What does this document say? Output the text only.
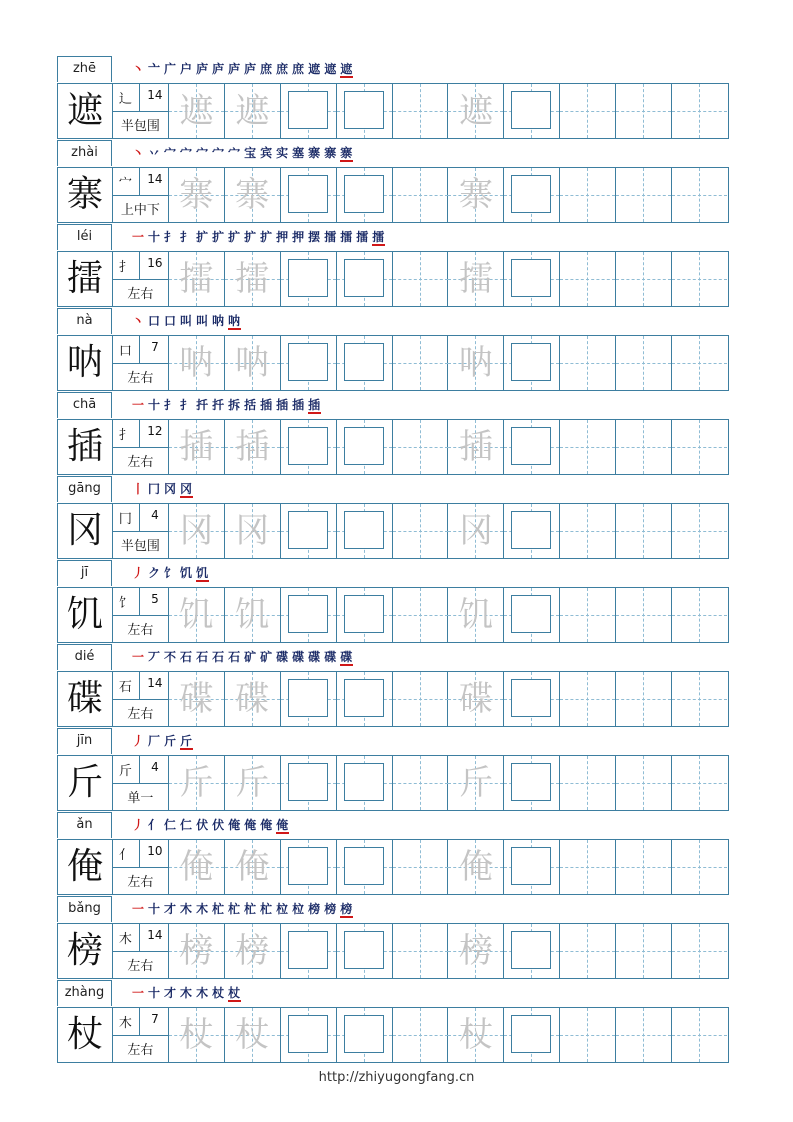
zhē	丶 亠 广 户 庐 庐 庐 庐 庶 庶 庶 遮 遮 遮
遮	辶	14
半包围 遮 遮	遮
zhài	丶 丷 宀 宀 宀 宀 宀 宝 宾 实 塞 寨 寨 寨
寨	宀	14
上中下 寨 寨	寨
léi	一 十 扌 扌 扩 扩 扩 扩 扩 押 押 摆 擂 擂 擂 擂
擂	扌	16
左右 擂 擂	擂
nà	丶 口 口 叫 叫 呐 呐
呐	口	7
左右 呐 呐	呐
chā	一 十 扌 扌 扦 扦 拆 括 插 插 插 插
插	扌	12
左右 插 插	插
gāng	丨 冂 冈 冈
冈	冂	4
半包围 冈 冈	冈
jī	丿 ク 饣 饥 饥
饥	饣	5
左右 饥 饥	饥
dié	一 丆 不 石 石 石 石 矿 矿 碟 碟 碟 碟 碟
碟	石	14
左右 碟 碟	碟
jīn	丿 厂 斤 斤
斤	斤	4
单一 斤 斤	斤
ǎn	丿 亻 仁 仁 伏 伏 俺 俺 俺 俺
俺	亻	10
左右 俺 俺	俺
bǎng	一 十 才 木 木 杧 杧 杧 杧 柆 柆 榜 榜 榜
榜	木	14
左右 榜 榜	榜
zhàng	一 十 才 木 木 杖 杖
杖	木	7
左右 杖 杖	杖
http://zhiyugongfang.cn
